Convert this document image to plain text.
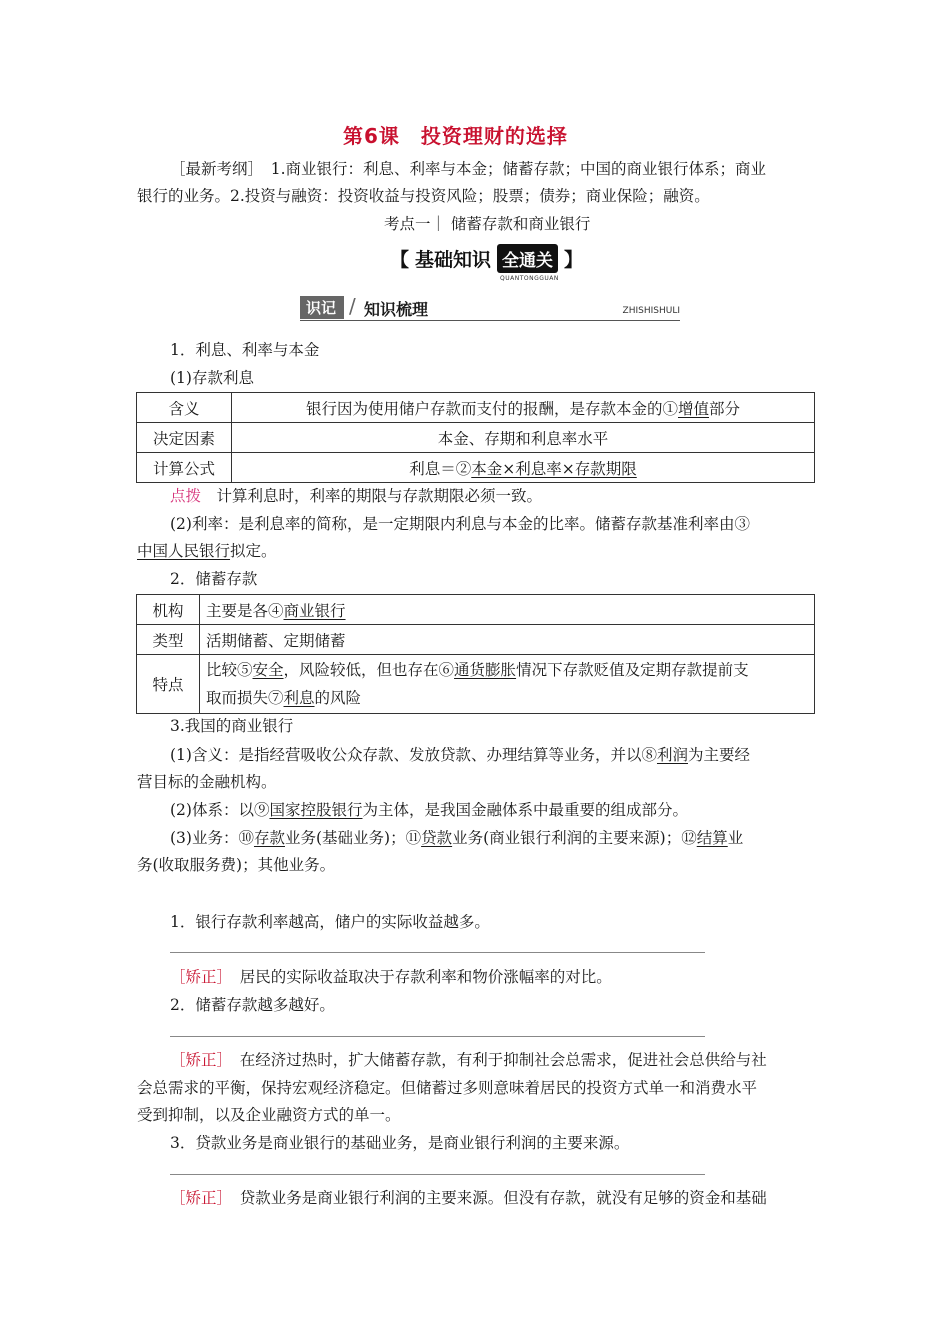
第6课　投资理财的选择
［最新考纲］　1.商业银行：利息、利率与本金；储蓄存款；中国的商业银行体系；商业
银行的业务。2.投资与融资：投资收益与投资风险；股票；债券；商业保险；融资。
考点一｜ 储蓄存款和商业银行
【 基础知识 全通关
QUANTONGGUAN
】
识记 / 知识梳理	ZHISHISHULI
1．利息、利率与本金
(1)存款利息
含义	银行因为使用储户存款而支付的报酬，是存款本金的①增值部分
决定因素	本金、存期和利息率水平
计算公式	利息＝②本金×利息率×存款期限
点拨　计算利息时，利率的期限与存款期限必须一致。
(2)利率：是利息率的简称，是一定期限内利息与本金的比率。储蓄存款基准利率由③
中国人民银行拟定。
2．储蓄存款
机构	主要是各④商业银行
类型	活期储蓄、定期储蓄
特点	比较⑤安全，风险较低，但也存在⑥通货膨胀情况下存款贬值及定期存款提前支
取而损失⑦利息的风险
3.我国的商业银行
(1)含义：是指经营吸收公众存款、发放贷款、办理结算等业务，并以⑧利润为主要经
营目标的金融机构。
(2)体系：以⑨国家控股银行为主体，是我国金融体系中最重要的组成部分。
(3)业务：⑩存款业务(基础业务)；⑪贷款业务(商业银行利润的主要来源)；⑫结算业
务(收取服务费)；其他业务。
1．银行存款利率越高，储户的实际收益越多。
［矫正］　居民的实际收益取决于存款利率和物价涨幅率的对比。
2．储蓄存款越多越好。
［矫正］　在经济过热时，扩大储蓄存款，有利于抑制社会总需求，促进社会总供给与社
会总需求的平衡，保持宏观经济稳定。但储蓄过多则意味着居民的投资方式单一和消费水平
受到抑制，以及企业融资方式的单一。
3．贷款业务是商业银行的基础业务，是商业银行利润的主要来源。
［矫正］　贷款业务是商业银行利润的主要来源。但没有存款，就没有足够的资金和基础
